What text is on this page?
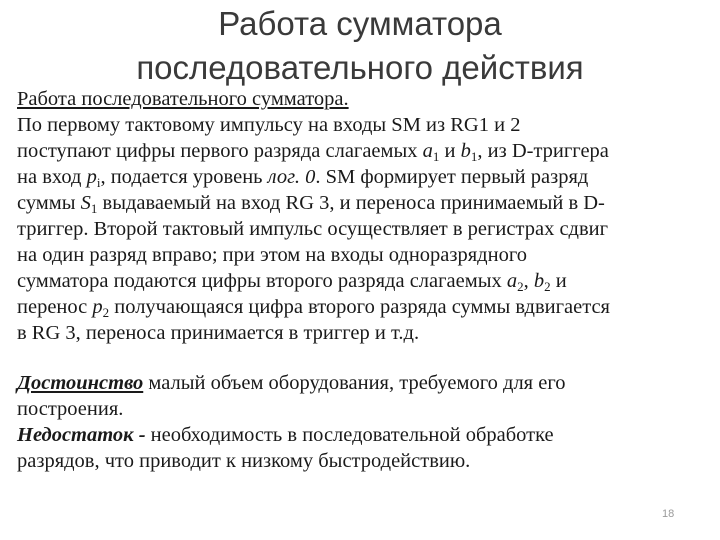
Работа сумматора
последовательного действия
Работа последовательного сумматора.
По первому тактовому импульсу на входы SM из RG1 и 2
поступают цифры первого разряда слагаемых $a_1$ и $b_1$, из D-триггера
на вход $p_i$, подается уровень лог. 0. SM формирует первый разряд
суммы $S_1$ выдаваемый на вход RG 3, и переноса принимаемый в D-
триггер. Второй тактовый импульс осуществляет в регистрах сдвиг
на один разряд вправо; при этом на входы одноразрядного
сумматора подаются цифры второго разряда слагаемых $a_2$, $b_2$ и
перенос $p_2$ получающаяся цифра второго разряда суммы вдвигается
в RG 3, переноса принимается в триггер и т.д.
Достоинство малый объем оборудования, требуемого для его
построения.
Недостаток - необходимость в последовательной обработке
разрядов, что приводит к низкому быстродействию.
18
